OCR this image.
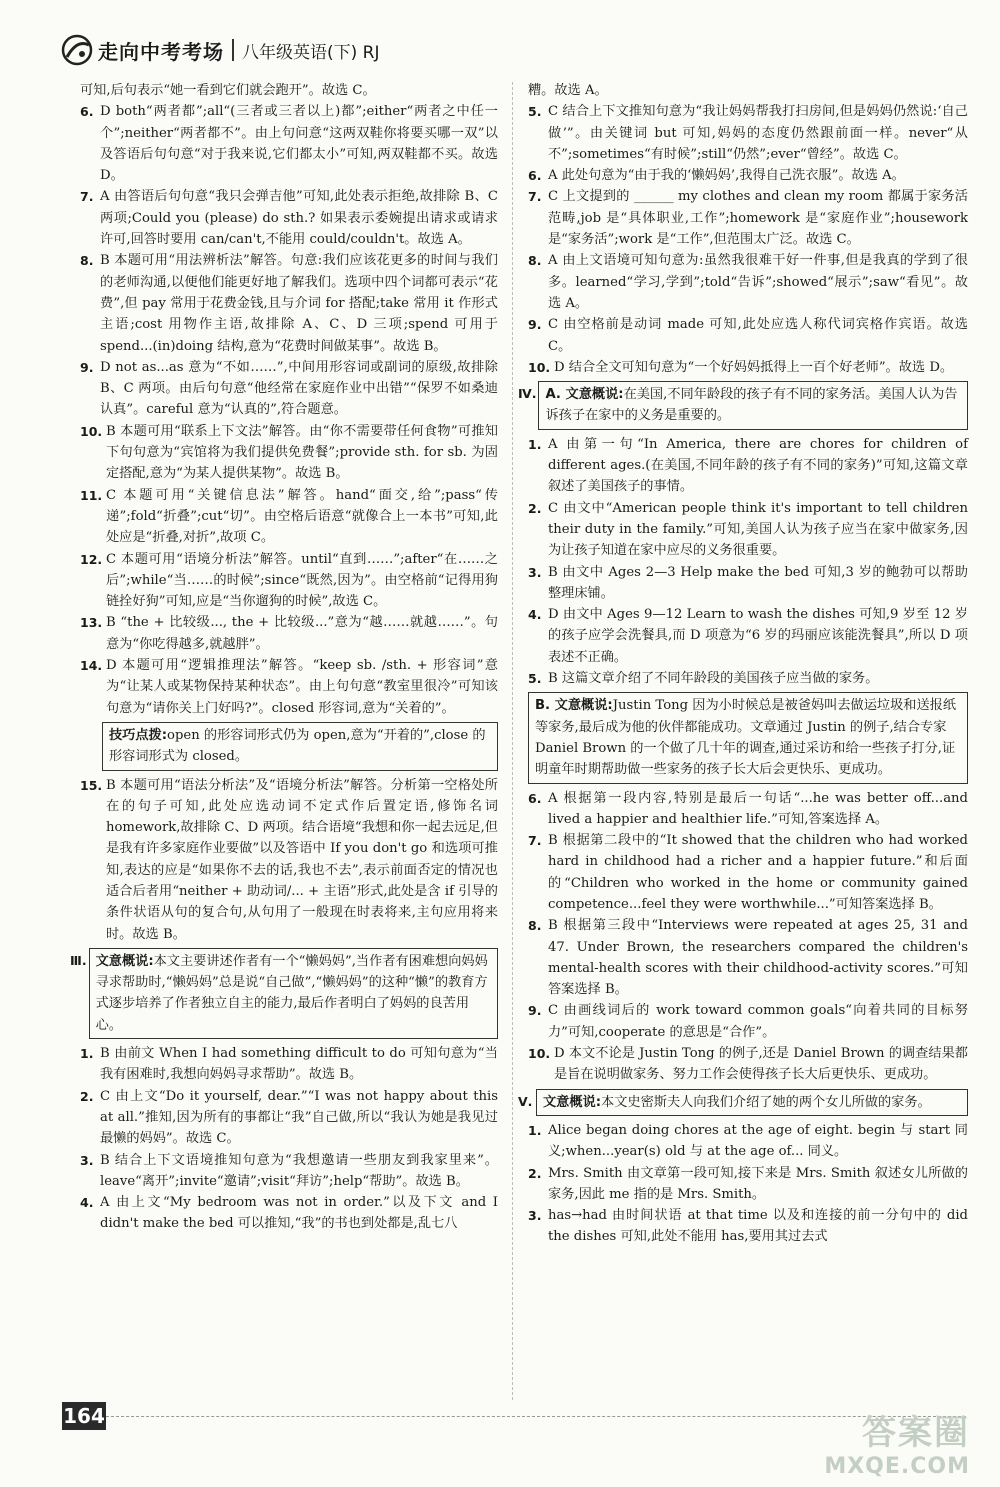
走向中考考场 八年级英语(下) RJ
可知,后句表示“她一看到它们就会跑开”。故选 C。
6. D both“两者都”;all“(三者或三者以上)都”;either“两者之中任一个”;neither“两者都不”。由上句问意“这两双鞋你将要买哪一双”以及答语后句句意“对于我来说,它们都太小”可知,两双鞋都不买。故选 D。
7. A 由答语后句句意“我只会弹吉他”可知,此处表示拒绝,故排除 B、C 两项;Could you (please) do sth.? 如果表示委婉提出请求或请求许可,回答时要用 can/can't,不能用 could/couldn't。故选 A。
8. B 本题可用“用法辨析法”解答。句意:我们应该花更多的时间与我们的老师沟通,以便他们能更好地了解我们。选项中四个词都可表示“花费”,但 pay 常用于花费金钱,且与介词 for 搭配;take 常用 it 作形式主语;cost 用物作主语,故排除 A、C、D 三项;spend 可用于 spend...(in)doing 结构,意为“花费时间做某事”。故选 B。
9. D not as...as 意为“不如……”,中间用形容词或副词的原级,故排除 B、C 两项。由后句句意“他经常在家庭作业中出错”“保罗不如桑迪认真”。careful 意为“认真的”,符合题意。
10. B 本题可用“联系上下文法”解答。由“你不需要带任何食物”可推知下句句意为“宾馆将为我们提供免费餐”;provide sth. for sb. 为固定搭配,意为“为某人提供某物”。故选 B。
11. C 本题可用“关键信息法”解答。hand“面交,给”;pass“传递”;fold“折叠”;cut“切”。由空格后语意“就像合上一本书”可知,此处应是“折叠,对折”,故项 C。
12. C 本题可用“语境分析法”解答。until“直到……”;after“在……之后”;while“当……的时候”;since“既然,因为”。由空格前“记得用狗链拴好狗”可知,应是“当你遛狗的时候”,故选 C。
13. B “the + 比较级..., the + 比较级...”意为“越……就越……”。句意为“你吃得越多,就越胖”。
14. D 本题可用“逻辑推理法”解答。“keep sb. /sth. + 形容词”意为“让某人或某物保持某种状态”。由上句句意“教室里很冷”可知该句意为“请你关上门好吗?”。closed 形容词,意为“关着的”。
技巧点拨:open 的形容词形式仍为 open,意为“开着的”,close 的形容词形式为 closed。
15. B 本题可用“语法分析法”及“语境分析法”解答。分析第一空格处所在的句子可知,此处应选动词不定式作后置定语,修饰名词 homework,故排除 C、D 两项。结合语境“我想和你一起去远足,但是我有许多家庭作业要做”以及答语中 If you don't go 和选项可推知,表达的应是“如果你不去的话,我也不去”,表示前面否定的情况也适合后者用“neither + 助动词/... + 主语”形式,此处是含 if 引导的条件状语从句的复合句,从句用了一般现在时表将来,主句应用将来时。故选 B。
Ⅲ. 文意概说:本文主要讲述作者有一个“懒妈妈”,当作者有困难想向妈妈寻求帮助时,“懒妈妈”总是说“自己做”,“懒妈妈”的这种“懒”的教育方式逐步培养了作者独立自主的能力,最后作者明白了妈妈的良苦用心。
1. B 由前文 When I had something difficult to do 可知句意为“当我有困难时,我想向妈妈寻求帮助”。故选 B。
2. C 由上文“Do it yourself, dear.”“I was not happy about this at all.”推知,因为所有的事都让“我”自己做,所以“我认为她是我见过最懒的妈妈”。故选 C。
3. B 结合上下文语境推知句意为“我想邀请一些朋友到我家里来”。leave“离开”;invite“邀请”;visit“拜访”;help“帮助”。故选 B。
4. A 由上文“My bedroom was not in order.”以及下文 and I didn't make the bed 可以推知,“我”的书也到处都是,乱七八
糟。故选 A。
5. C 结合上下文推知句意为“我让妈妈帮我打扫房间,但是妈妈仍然说:‘自己做’”。由关键词 but 可知,妈妈的态度仍然跟前面一样。never“从不”;sometimes“有时候”;still“仍然”;ever“曾经”。故选 C。
6. A 此处句意为“由于我的‘懒妈妈’,我得自己洗衣服”。故选 A。
7. C 上文提到的 ______ my clothes and clean my room 都属于家务活范畴,job 是“具体职业,工作”;homework 是“家庭作业”;housework 是“家务活”;work 是“工作”,但范围太广泛。故选 C。
8. A 由上文语境可知句意为:虽然我很难干好一件事,但是我真的学到了很多。learned“学习,学到”;told“告诉”;showed“展示”;saw“看见”。故选 A。
9. C 由空格前是动词 made 可知,此处应选人称代词宾格作宾语。故选 C。
10. D 结合全文可知句意为“一个好妈妈抵得上一百个好老师”。故选 D。
Ⅳ. A. 文意概说:在美国,不同年龄段的孩子有不同的家务活。美国人认为告诉孩子在家中的义务是重要的。
1. A 由第一句“In America, there are chores for children of different ages.(在美国,不同年龄的孩子有不同的家务)”可知,这篇文章叙述了美国孩子的事情。
2. C 由文中“American people think it's important to tell children their duty in the family.”可知,美国人认为孩子应当在家中做家务,因为让孩子知道在家中应尽的义务很重要。
3. B 由文中 Ages 2—3 Help make the bed 可知,3 岁的鲍勃可以帮助整理床铺。
4. D 由文中 Ages 9—12 Learn to wash the dishes 可知,9 岁至 12 岁的孩子应学会洗餐具,而 D 项意为“6 岁的玛丽应该能洗餐具”,所以 D 项表述不正确。
5. B 这篇文章介绍了不同年龄段的美国孩子应当做的家务。
B. 文意概说:Justin Tong 因为小时候总是被爸妈叫去做运垃圾和送报纸等家务,最后成为他的伙伴都能成功。文章通过 Justin 的例子,结合专家 Daniel Brown 的一个做了几十年的调查,通过采访和给一些孩子打分,证明童年时期帮助做一些家务的孩子长大后会更快乐、更成功。
6. A 根据第一段内容,特别是最后一句话“...he was better off...and lived a happier and healthier life.”可知,答案选择 A。
7. B 根据第二段中的“It showed that the children who had worked hard in childhood had a richer and a happier future.”和后面的“Children who worked in the home or community gained competence...feel they were worthwhile...”可知答案选择 B。
8. B 根据第三段中“Interviews were repeated at ages 25, 31 and 47. Under Brown, the researchers compared the children's mental-health scores with their childhood-activity scores.”可知答案选择 B。
9. C 由画线词后的 work toward common goals“向着共同的目标努力”可知,cooperate 的意思是“合作”。
10. D 本文不论是 Justin Tong 的例子,还是 Daniel Brown 的调查结果都是旨在说明做家务、努力工作会使得孩子长大后更快乐、更成功。
Ⅴ. 文意概说:本文史密斯夫人向我们介绍了她的两个女儿所做的家务。
1. Alice began doing chores at the age of eight. begin 与 start 同义;when...year(s) old 与 at the age of... 同义。
2. Mrs. Smith 由文章第一段可知,接下来是 Mrs. Smith 叙述女儿所做的家务,因此 me 指的是 Mrs. Smith。
3. has→had 由时间状语 at that time 以及和连接的前一分句中的 did the dishes 可知,此处不能用 has,要用其过去式
164	答案圈
MXQE.COM
